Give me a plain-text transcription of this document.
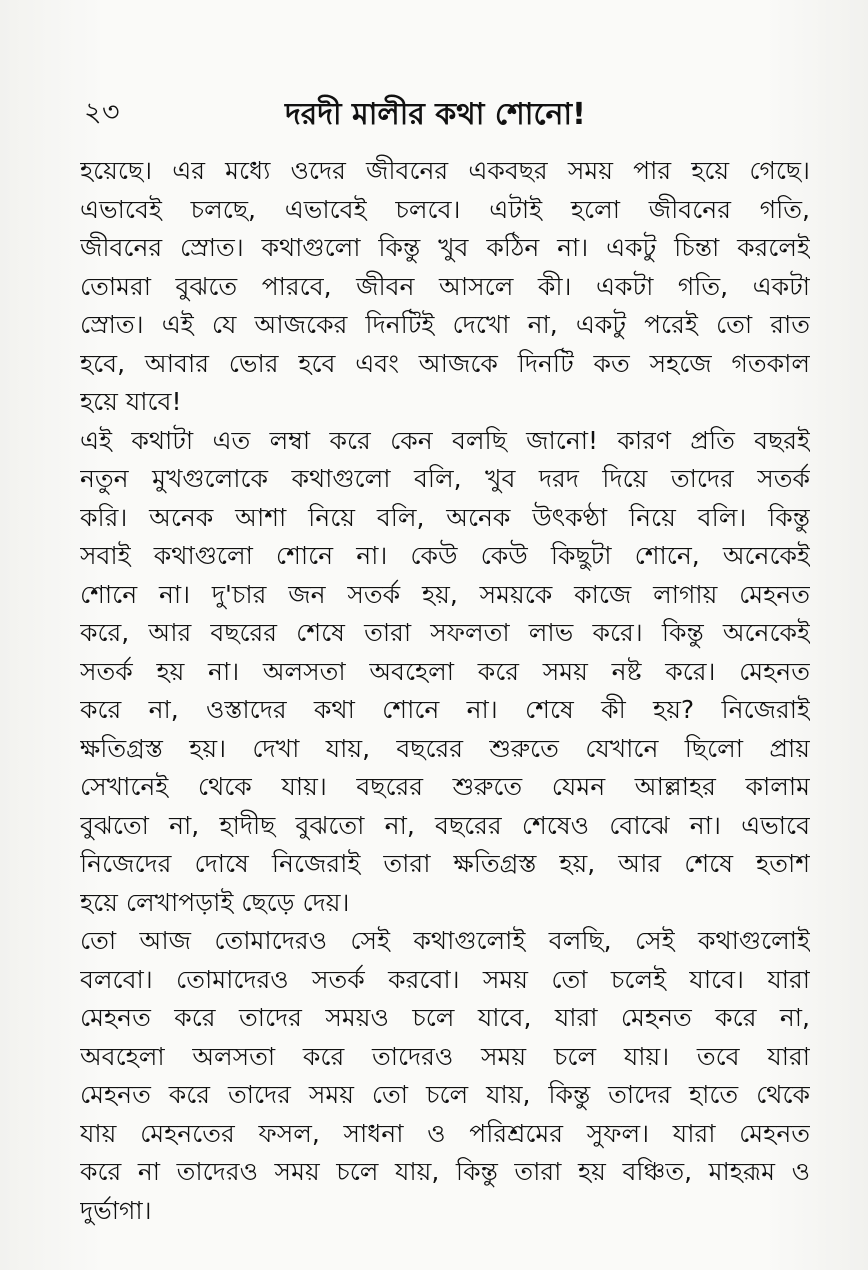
২৩	দরদী মালীর কথা শোনো!
হয়েছে। এর মধ্যে ওদের জীবনের একবছর সময় পার হয়ে গেছে।
এভাবেই চলছে, এভাবেই চলবে। এটাই হলো জীবনের গতি,
জীবনের স্রোত। কথাগুলো কিন্তু খুব কঠিন না। একটু চিন্তা করলেই
তোমরা বুঝতে পারবে, জীবন আসলে কী। একটা গতি, একটা
স্রোত। এই যে আজকের দিনটিই দেখো না, একটু পরেই তো রাত
হবে, আবার ভোর হবে এবং আজকে দিনটি কত সহজে গতকাল
হয়ে যাবে!
এই কথাটা এত লম্বা করে কেন বলছি জানো! কারণ প্রতি বছরই
নতুন মুখগুলোকে কথাগুলো বলি, খুব দরদ দিয়ে তাদের সতর্ক
করি। অনেক আশা নিয়ে বলি, অনেক উৎকণ্ঠা নিয়ে বলি। কিন্তু
সবাই কথাগুলো শোনে না। কেউ কেউ কিছুটা শোনে, অনেকেই
শোনে না। দু'চার জন সতর্ক হয়, সময়কে কাজে লাগায় মেহনত
করে, আর বছরের শেষে তারা সফলতা লাভ করে। কিন্তু অনেকেই
সতর্ক হয় না। অলসতা অবহেলা করে সময় নষ্ট করে। মেহনত
করে না, ওস্তাদের কথা শোনে না। শেষে কী হয়? নিজেরাই
ক্ষতিগ্রস্ত হয়। দেখা যায়, বছরের শুরুতে যেখানে ছিলো প্রায়
সেখানেই থেকে যায়। বছরের শুরুতে যেমন আল্লাহর কালাম
বুঝতো না, হাদীছ বুঝতো না, বছরের শেষেও বোঝে না। এভাবে
নিজেদের দোষে নিজেরাই তারা ক্ষতিগ্রস্ত হয়, আর শেষে হতাশ
হয়ে লেখাপড়াই ছেড়ে দেয়।
তো আজ তোমাদেরও সেই কথাগুলোই বলছি, সেই কথাগুলোই
বলবো। তোমাদেরও সতর্ক করবো। সময় তো চলেই যাবে। যারা
মেহনত করে তাদের সময়ও চলে যাবে, যারা মেহনত করে না,
অবহেলা অলসতা করে তাদেরও সময় চলে যায়। তবে যারা
মেহনত করে তাদের সময় তো চলে যায়, কিন্তু তাদের হাতে থেকে
যায় মেহনতের ফসল, সাধনা ও পরিশ্রমের সুফল। যারা মেহনত
করে না তাদেরও সময় চলে যায়, কিন্তু তারা হয় বঞ্চিত, মাহরূম ও
দুর্ভাগা।
